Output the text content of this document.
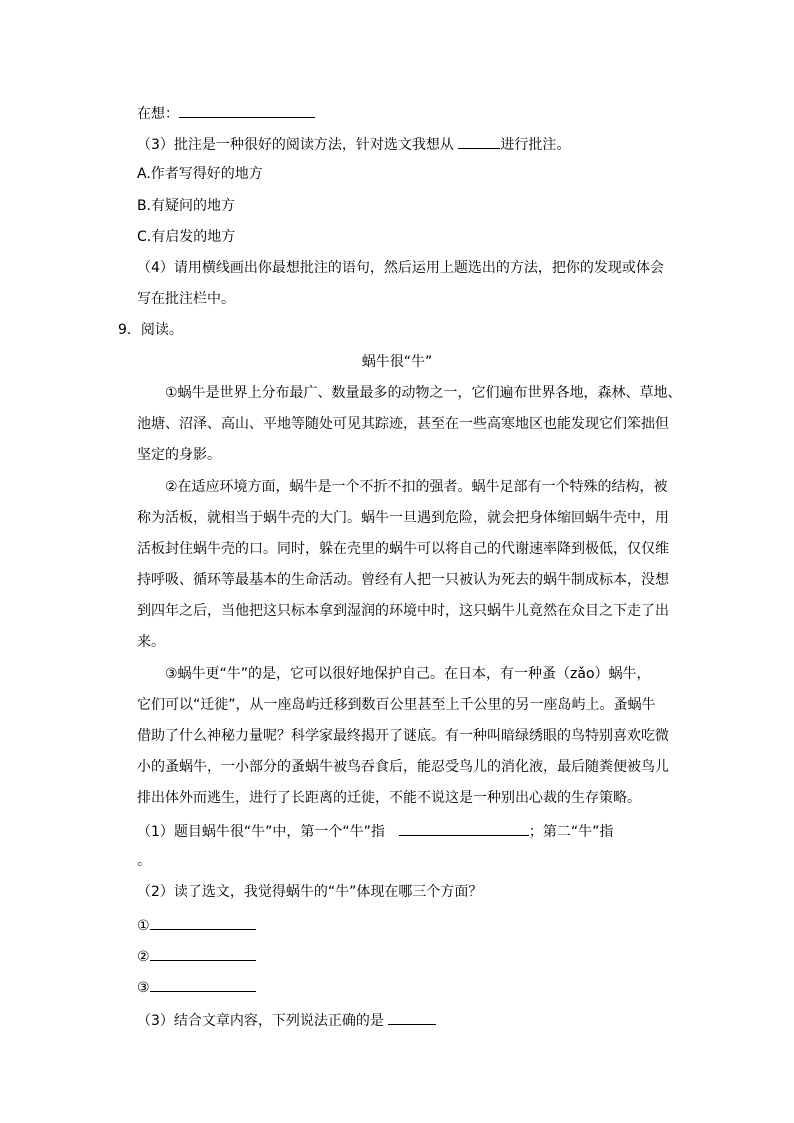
在想：
（3）批注是一种很好的阅读方法，针对选文我想从	进行批注。
A.作者写得好的地方
B.有疑问的地方
C.有启发的地方
（4）请用横线画出你最想批注的语句，然后运用上题选出的方法，把你的发现或体会
写在批注栏中。
9．阅读。
蜗牛很“牛”
①蜗牛是世界上分布最广、数量最多的动物之一，它们遍布世界各地，森林、草地、
池塘、沼泽、高山、平地等随处可见其踪迹，甚至在一些高寒地区也能发现它们笨拙但
坚定的身影。
②在适应环境方面，蜗牛是一个不折不扣的强者。蜗牛足部有一个特殊的结构，被
称为活板，就相当于蜗牛壳的大门。蜗牛一旦遇到危险，就会把身体缩回蜗牛壳中，用
活板封住蜗牛壳的口。同时，躲在壳里的蜗牛可以将自己的代谢速率降到极低，仅仅维
持呼吸、循环等最基本的生命活动。曾经有人把一只被认为死去的蜗牛制成标本，没想
到四年之后，当他把这只标本拿到湿润的环境中时，这只蜗牛儿竟然在众目之下走了出
来。
③蜗牛更“牛”的是，它可以很好地保护自己。在日本，有一种蚤（zǎo）蜗牛，
它们可以“迁徙”，从一座岛屿迁移到数百公里甚至上千公里的另一座岛屿上。蚤蜗牛
借助了什么神秘力量呢？科学家最终揭开了谜底。有一种叫暗绿绣眼的鸟特别喜欢吃微
小的蚤蜗牛，一小部分的蚤蜗牛被鸟吞食后，能忍受鸟儿的消化液，最后随粪便被鸟儿
排出体外而逃生，进行了长距离的迁徙，不能不说这是一种别出心裁的生存策略。
（1）题目蜗牛很“牛”中，第一个“牛”指　	；第二“牛”指
。
（2）读了选文，我觉得蜗牛的“牛”体现在哪三个方面？
①
②
③
（3）结合文章内容，下列说法正确的是
